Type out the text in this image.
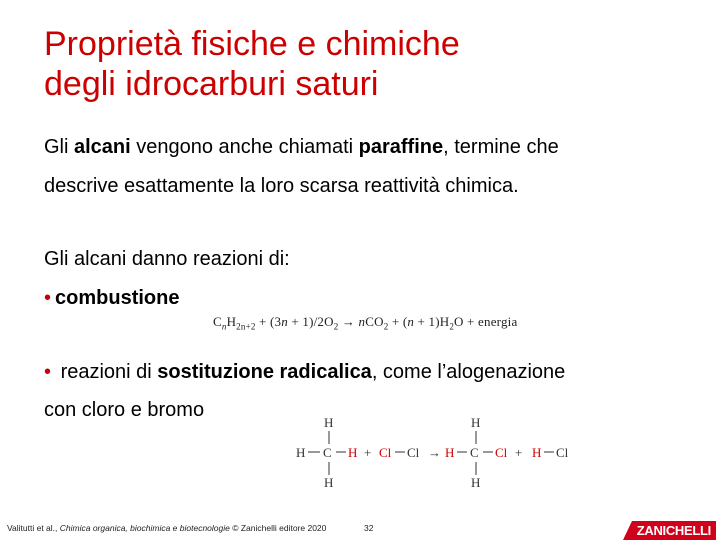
Proprietà fisiche e chimiche
degli idrocarburi saturi
Gli alcani vengono anche chiamati paraffine, termine che
descrive esattamente la loro scarsa reattività chimica.
Gli alcani danno reazioni di:
• combustione
$C_nH_{2n+2} + (3n + 1)/2O_2 \to nCO_2 + (n + 1)H_2O$ + energia
• reazioni di sostituzione radicalica, come l’alogenazione
con cloro e bromo
H
H C H
H
+ Cl Cl →
H
H C Cl
H
+ H Cl
Valitutti et al., Chimica organica, biochimica e biotecnologie © Zanichelli editore 2020	32	ZANICHELLI
